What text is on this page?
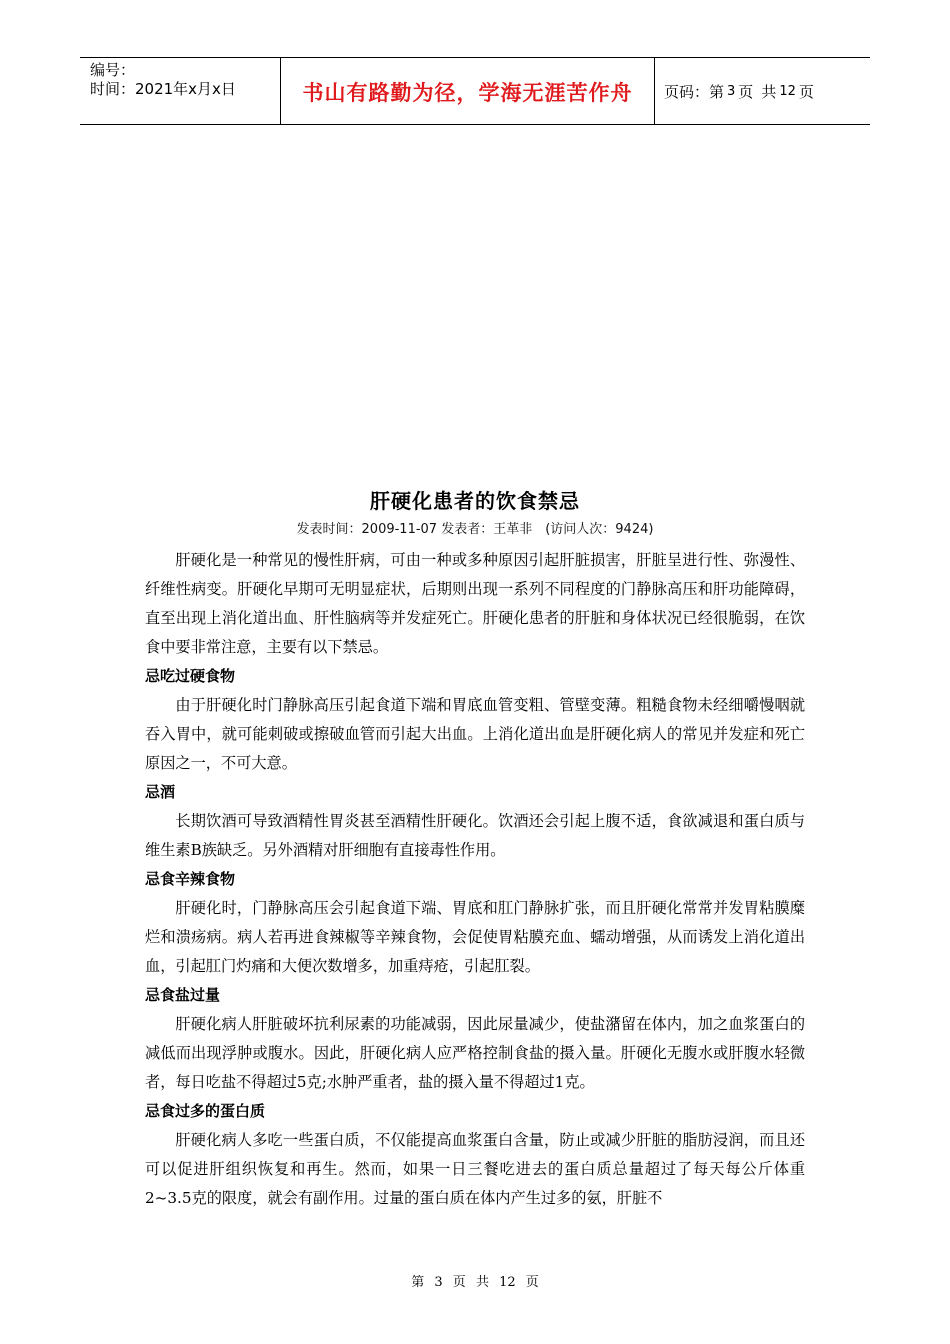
编号：
时间：2021年x月x日	书山有路勤为径，学海无涯苦作舟	页码：第 3 页 共 12 页
肝硬化患者的饮食禁忌
发表时间：2009-11-07 发表者：王革非　(访问人次：9424)

肝硬化是一种常见的慢性肝病，可由一种或多种原因引起肝脏损害，肝脏呈进行性、弥漫性、纤维性病变。肝硬化早期可无明显症状，后期则出现一系列不同程度的门静脉高压和肝功能障碍，直至出现上消化道出血、肝性脑病等并发症死亡。肝硬化患者的肝脏和身体状况已经很脆弱，在饮食中要非常注意，主要有以下禁忌。

忌吃过硬食物

由于肝硬化时门静脉高压引起食道下端和胃底血管变粗、管壁变薄。粗糙食物未经细嚼慢咽就吞入胃中，就可能刺破或擦破血管而引起大出血。上消化道出血是肝硬化病人的常见并发症和死亡原因之一，不可大意。

忌酒

长期饮酒可导致酒精性胃炎甚至酒精性肝硬化。饮酒还会引起上腹不适，食欲减退和蛋白质与维生素B族缺乏。另外酒精对肝细胞有直接毒性作用。

忌食辛辣食物

肝硬化时，门静脉高压会引起食道下端、胃底和肛门静脉扩张，而且肝硬化常常并发胃粘膜糜烂和溃疡病。病人若再进食辣椒等辛辣食物，会促使胃粘膜充血、蠕动增强，从而诱发上消化道出血，引起肛门灼痛和大便次数增多，加重痔疮，引起肛裂。

忌食盐过量

肝硬化病人肝脏破坏抗利尿素的功能减弱，因此尿量减少，使盐潴留在体内，加之血浆蛋白的减低而出现浮肿或腹水。因此，肝硬化病人应严格控制食盐的摄入量。肝硬化无腹水或肝腹水轻微者，每日吃盐不得超过5克;水肿严重者，盐的摄入量不得超过1克。

忌食过多的蛋白质

肝硬化病人多吃一些蛋白质，不仅能提高血浆蛋白含量，防止或减少肝脏的脂肪浸润，而且还可以促进肝组织恢复和再生。然而，如果一日三餐吃进去的蛋白质总量超过了每天每公斤体重2~3.5克的限度，就会有副作用。过量的蛋白质在体内产生过多的氨，肝脏不

第 3 页 共 12 页
